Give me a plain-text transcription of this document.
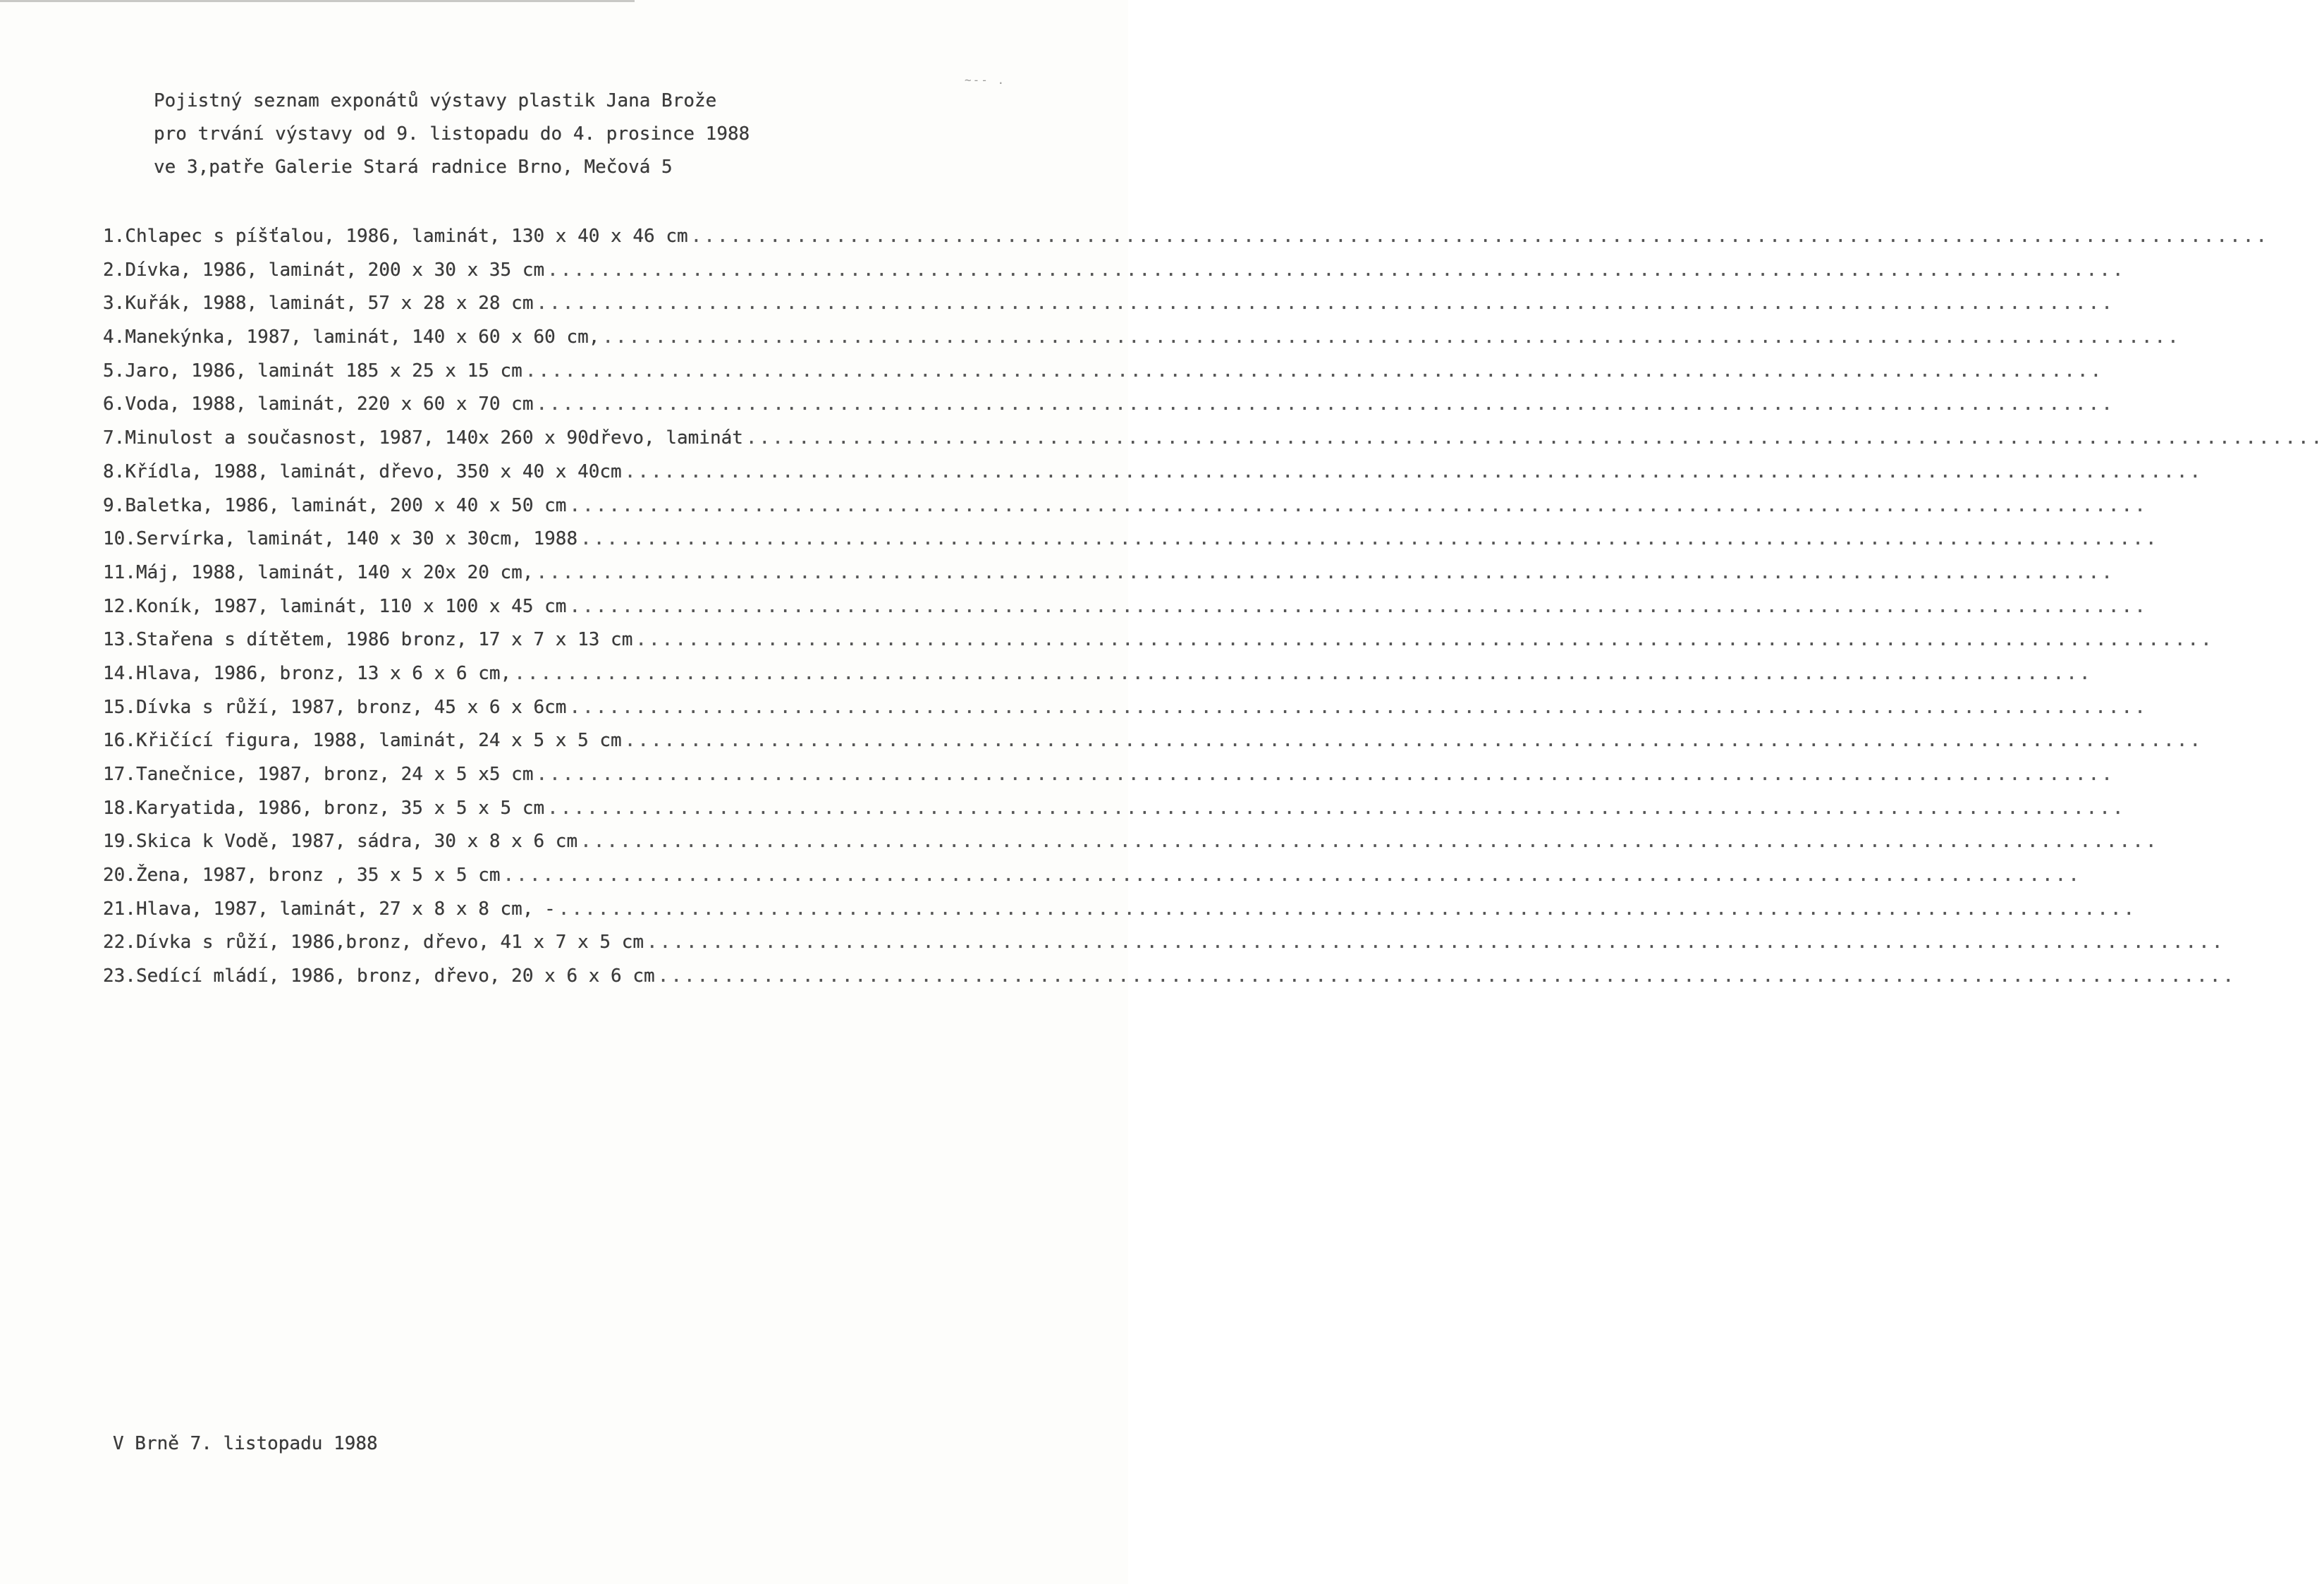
~-- .
Pojistný seznam exponátů výstavy plastik Jana Brože
pro trvání výstavy od 9. listopadu do 4. prosince 1988
ve 3,patře Galerie Stará radnice Brno, Mečová 5
1. Chlapec s píšťalou, 1986, laminát, 130 x 40 x 46 cm ........................................................................................................................
2. Dívka, 1986, laminát, 200 x 30 x 35 cm ........................................................................................................................
3. Kuřák, 1988, laminát, 57 x 28 x 28 cm ........................................................................................................................
4. Manekýnka, 1987, laminát, 140 x 60 x 60 cm, ........................................................................................................................
5. Jaro, 1986, laminát 185 x 25 x 15 cm ........................................................................................................................
6. Voda, 1988, laminát, 220 x 60 x 70 cm ........................................................................................................................
7. Minulost a současnost, 1987, 140x 260 x 90dřevo, laminát ........................................................................................................................
8. Křídla, 1988, laminát, dřevo, 350 x 40 x 40cm ........................................................................................................................
9. Baletka, 1986, laminát, 200 x 40 x 50 cm ........................................................................................................................
10. Servírka, laminát, 140 x 30 x 30cm, 1988 ........................................................................................................................
11. Máj, 1988, laminát, 140 x 20x 20 cm, ........................................................................................................................
12. Koník, 1987, laminát, 110 x 100 x 45 cm ........................................................................................................................
13. Stařena s dítětem, 1986 bronz, 17 x 7 x 13 cm ........................................................................................................................
14. Hlava, 1986, bronz, 13 x 6 x 6 cm, ........................................................................................................................
15. Dívka s růží, 1987, bronz, 45 x 6 x 6cm ........................................................................................................................
16. Křičící figura, 1988, laminát, 24 x 5 x 5 cm ........................................................................................................................
17. Tanečnice, 1987, bronz, 24 x 5 x5 cm ........................................................................................................................
18. Karyatida, 1986, bronz, 35 x 5 x 5 cm ........................................................................................................................
19. Skica k Vodě, 1987, sádra, 30 x 8 x 6 cm ........................................................................................................................
20. Žena, 1987, bronz , 35 x 5 x 5 cm ........................................................................................................................
21. Hlava, 1987, laminát, 27 x 8 x 8 cm, - ........................................................................................................................
22. Dívka s růží, 1986,bronz, dřevo, 41 x 7 x 5 cm ........................................................................................................................
23. Sedící mládí, 1986, bronz, dřevo, 20 x 6 x 6 cm ........................................................................................................................
V Brně 7. listopadu 1988
